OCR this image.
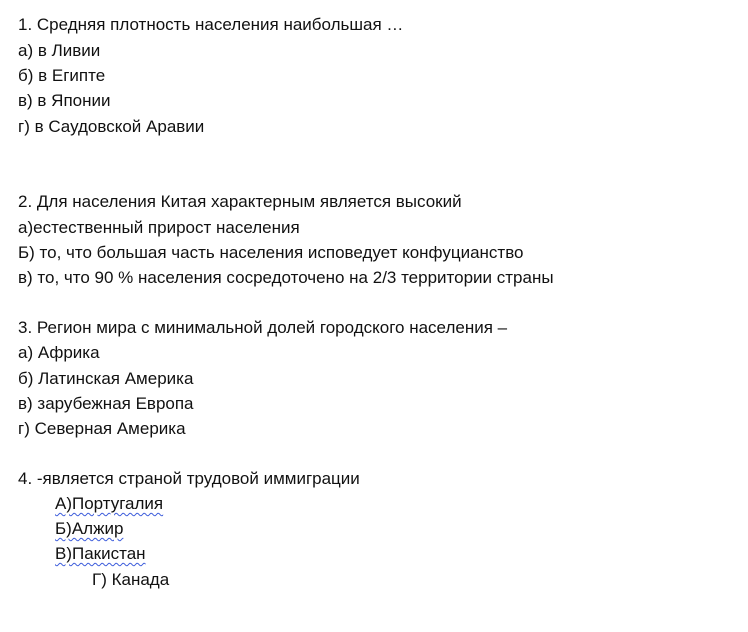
1. Средняя плотность населения наибольшая …
а) в Ливии
б) в Египте
в) в Японии
г) в Саудовской Аравии
2. Для населения Китая характерным является высокий
а)естественный прирост населения
Б) то, что большая часть населения исповедует конфуцианство
в) то, что 90 % населения сосредоточено на 2/3 территории страны
3. Регион мира с минимальной долей городского населения –
а) Африка
б) Латинская Америка
в) зарубежная Европа
г) Северная Америка
4. -является страной трудовой иммиграции
А)Португалия
Б)Алжир
В)Пакистан
Г) Канада
